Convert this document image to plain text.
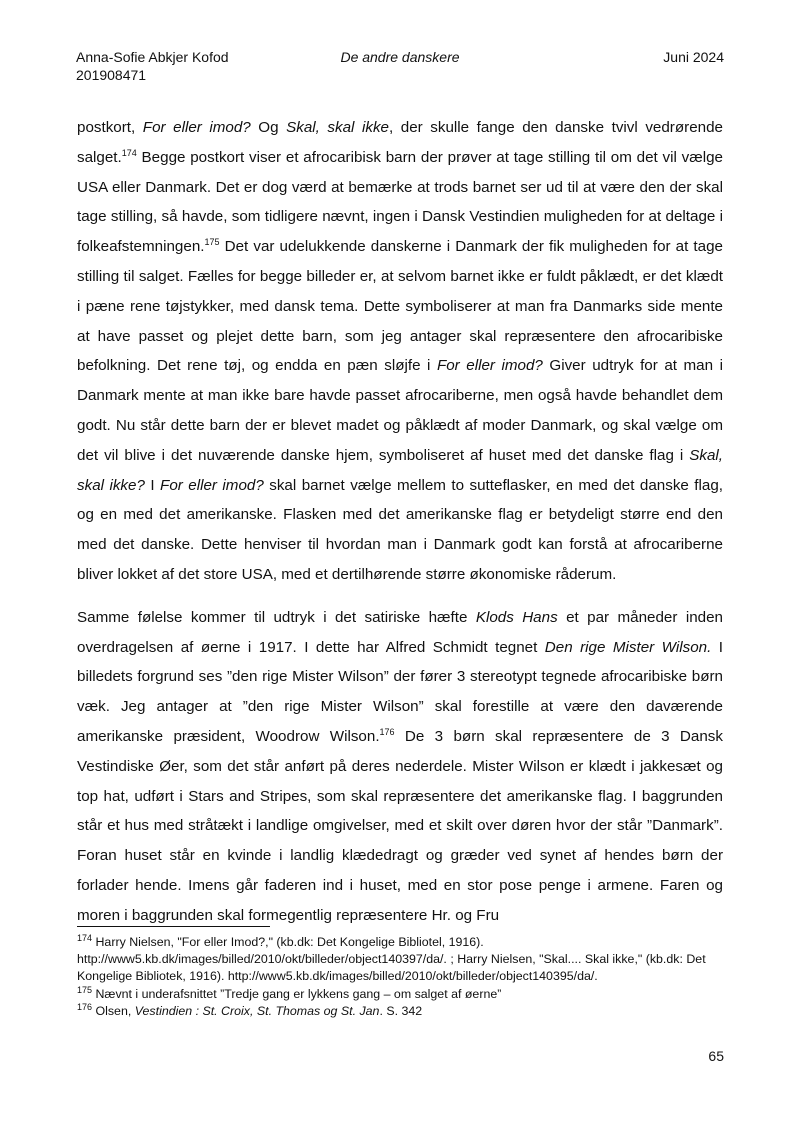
Anna-Sofie Abkjer Kofod
201908471
De andre danskere	Juni 2024

postkort, For eller imod? Og Skal, skal ikke, der skulle fange den danske tvivl vedrørende salget.$^{174}$ Begge postkort viser et afrocaribisk barn der prøver at tage stilling til om det vil vælge USA eller Danmark. Det er dog værd at bemærke at trods barnet ser ud til at være den der skal tage stilling, så havde, som tidligere nævnt, ingen i Dansk Vestindien muligheden for at deltage i folkeafstemningen.$^{175}$ Det var udelukkende danskerne i Danmark der fik muligheden for at tage stilling til salget. Fælles for begge billeder er, at selvom barnet ikke er fuldt påklædt, er det klædt i pæne rene tøjstykker, med dansk tema. Dette symboliserer at man fra Danmarks side mente at have passet og plejet dette barn, som jeg antager skal repræsentere den afrocaribiske befolkning. Det rene tøj, og endda en pæn sløjfe i For eller imod? Giver udtryk for at man i Danmark mente at man ikke bare havde passet afrocariberne, men også havde behandlet dem godt. Nu står dette barn der er blevet madet og påklædt af moder Danmark, og skal vælge om det vil blive i det nuværende danske hjem, symboliseret af huset med det danske flag i Skal, skal ikke? I For eller imod? skal barnet vælge mellem to sutteflasker, en med det danske flag, og en med det amerikanske. Flasken med det amerikanske flag er betydeligt større end den med det danske. Dette henviser til hvordan man i Danmark godt kan forstå at afrocariberne bliver lokket af det store USA, med et dertilhørende større økonomiske råderum.

Samme følelse kommer til udtryk i det satiriske hæfte Klods Hans et par måneder inden overdragelsen af øerne i 1917. I dette har Alfred Schmidt tegnet Den rige Mister Wilson. I billedets forgrund ses ”den rige Mister Wilson” der fører 3 stereotypt tegnede afrocaribiske børn væk. Jeg antager at ”den rige Mister Wilson” skal forestille at være den daværende amerikanske præsident, Woodrow Wilson.$^{176}$ De 3 børn skal repræsentere de 3 Dansk Vestindiske Øer, som det står anført på deres nederdele. Mister Wilson er klædt i jakkesæt og top hat, udført i Stars and Stripes, som skal repræsentere det amerikanske flag. I baggrunden står et hus med stråtækt i landlige omgivelser, med et skilt over døren hvor der står ”Danmark”. Foran huset står en kvinde i landlig klædedragt og græder ved synet af hendes børn der forlader hende. Imens går faderen ind i huset, med en stor pose penge i armene. Faren og moren i baggrunden skal formegentlig repræsentere Hr. og Fru

$^{174}$ Harry Nielsen, "For eller Imod?," (kb.dk: Det Kongelige Bibliotel, 1916). http://www5.kb.dk/images/billed/2010/okt/billeder/object140397/da/. ; Harry Nielsen, "Skal.... Skal ikke," (kb.dk: Det Kongelige Bibliotek, 1916). http://www5.kb.dk/images/billed/2010/okt/billeder/object140395/da/.

$^{175}$ Nævnt i underafsnittet ”Tredje gang er lykkens gang – om salget af øerne”

$^{176}$ Olsen, Vestindien : St. Croix, St. Thomas og St. Jan. S. 342

65
